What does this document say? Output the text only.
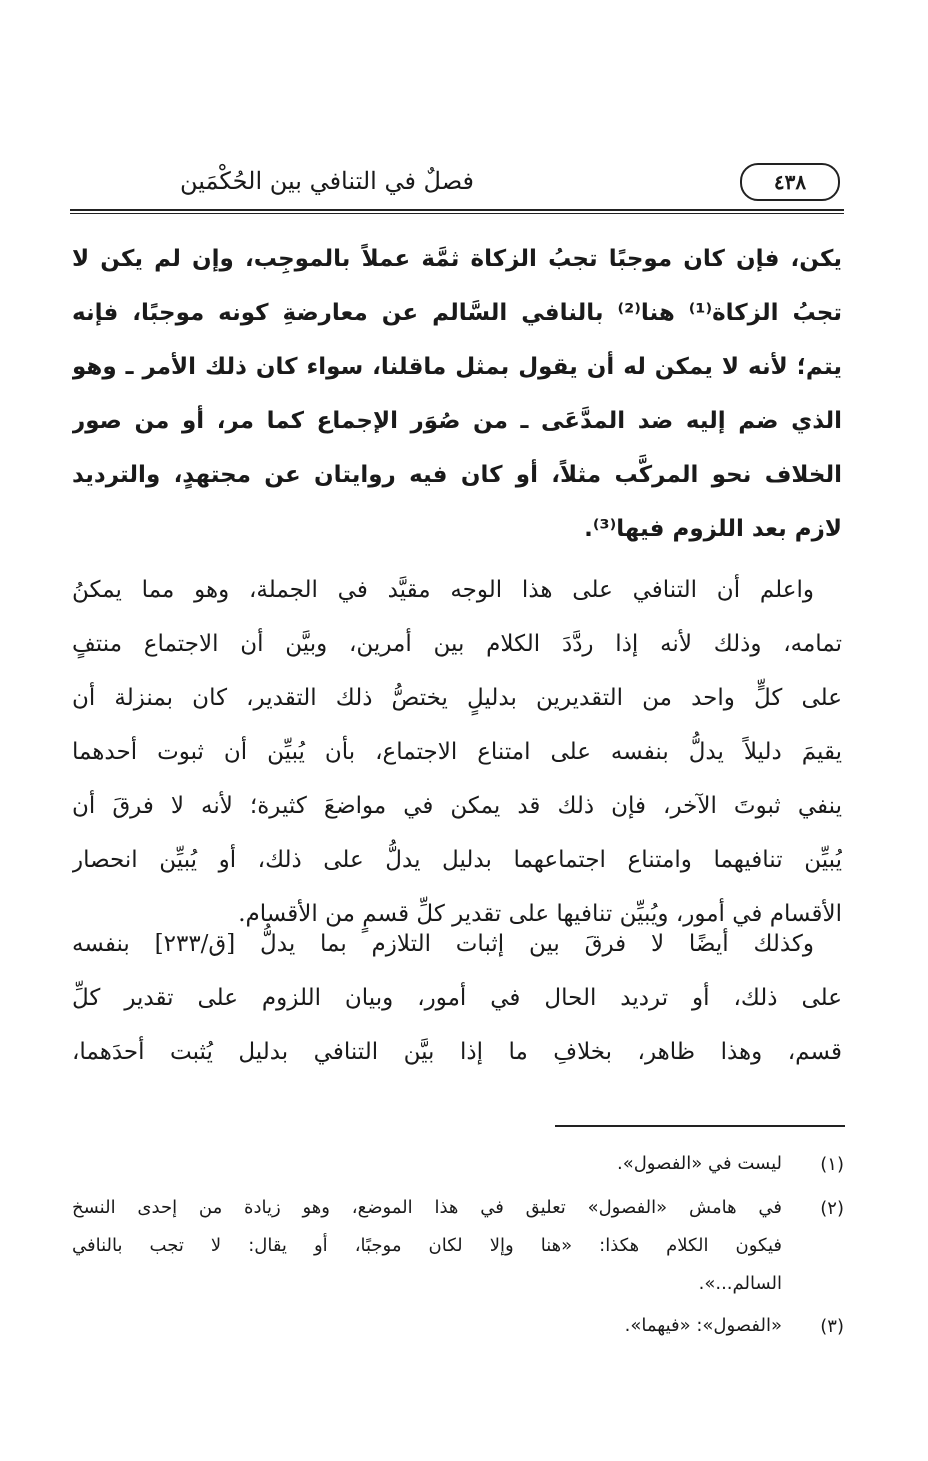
٤٣٨
فصلٌ في التنافي بين الحُكْمَين
يكن، فإن كان موجبًا تجبُ الزكاة ثمَّة عملاً بالموجِب، وإن لم يكن لا
تجبُ الزكاة⁽¹⁾ هنا⁽²⁾ بالنافي السَّالم عن معارضةِ كونه موجبًا، فإنه
يتم؛ لأنه لا يمكن له أن يقول بمثل ماقلنا، سواء كان ذلك الأمر ـ وهو
الذي ضم إليه ضد المدَّعَى ـ من صُوَر الإجماع كما مر، أو من صور
الخلاف نحو المركَّب مثلاً، أو كان فيه روايتان عن مجتهدٍ، والترديد
لازم بعد اللزوم فيها⁽³⁾.
واعلم أن التنافي على هذا الوجه مقيَّد في الجملة، وهو مما يمكنُ
تمامه، وذلك لأنه إذا ردَّدَ الكلام بين أمرين، وبيَّن أن الاجتماع منتفٍ
على كلٍّ واحد من التقديرين بدليلٍ يختصُّ ذلك التقدير، كان بمنزلة أن
يقيمَ دليلاً يدلُّ بنفسه على امتناع الاجتماع، بأن يُبيِّن أن ثبوت أحدهما
ينفي ثبوتَ الآخر، فإن ذلك قد يمكن في مواضعَ كثيرة؛ لأنه لا فرقَ أن
يُبيِّن تنافيهما وامتناع اجتماعهما بدليل يدلُّ على ذلك، أو يُبيِّن انحصار
الأقسام في أمور، ويُبيِّن تنافيها على تقدير كلِّ قسمٍ من الأقسام.
وكذلك أيضًا لا فرقَ بين إثبات التلازم بما يدلُّ [ق/٢٣٣] بنفسه
على ذلك، أو ترديد الحال في أمور، وبيان اللزوم على تقدير كلِّ
قسم، وهذا ظاهر، بخلافِ ما إذا بيَّن التنافي بدليل يُثبت أحدَهما،
(١)
ليست في «الفصول».
(٢)
في هامش «الفصول» تعليق في هذا الموضع، وهو زيادة من إحدى النسخ
فيكون الكلام هكذا: «هنا وإلا لكان موجبًا، أو يقال: لا تجب بالنافي
السالم...».
(٣)
«الفصول»: «فيهما».
